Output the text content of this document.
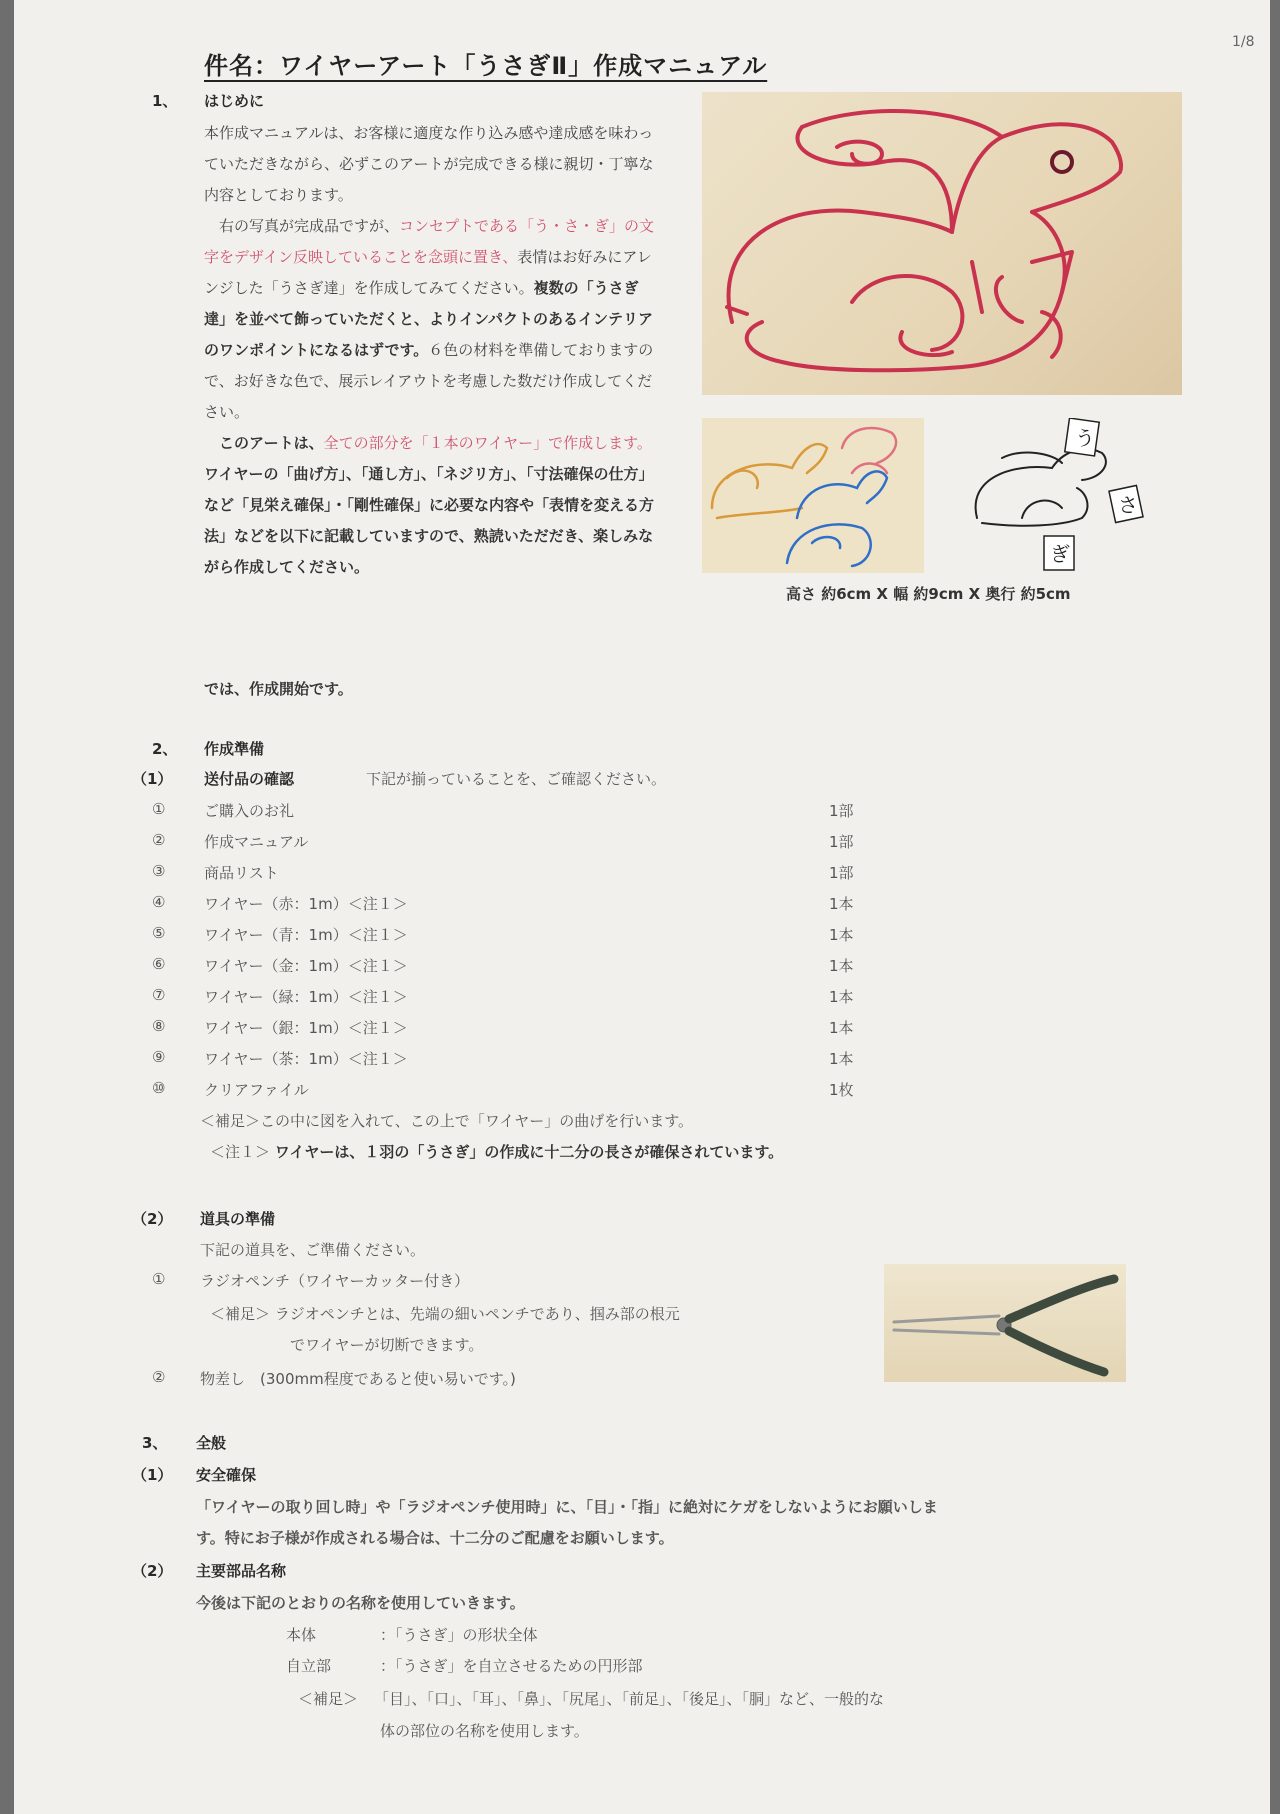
1/8
件名：ワイヤーアート「うさぎⅡ」作成マニュアル
1、 はじめに

本作成マニュアルは、お客様に適度な作り込み感や達成感を味わっていただきながら、必ずこのアートが完成できる様に親切・丁寧な内容としております。

　右の写真が完成品ですが、コンセプトである「う・さ・ぎ」の文字をデザイン反映していることを念頭に置き、表情はお好みにアレンジした「うさぎ達」を作成してみてください。複数の「うさぎ達」を並べて飾っていただくと、よりインパクトのあるインテリアのワンポイントになるはずです。６色の材料を準備しておりますので、お好きな色で、展示レイアウトを考慮した数だけ作成してください。

　このアートは、全ての部分を「１本のワイヤー」で作成します。ワイヤーの「曲げ方」、「通し方」、「ネジリ方」、「寸法確保の仕方」など「見栄え確保」・「剛性確保」に必要な内容や「表情を変える方法」などを以下に記載していますので、熟読いただだき、楽しみながら作成してください。

では、作成開始です。
う
さ
ぎ
高さ 約6cm X 幅 約9cm X 奥行 約5cm
2、 作成準備
（1） 送付品の確認	下記が揃っていることを、ご確認ください。
①	ご購入のお礼	1部
②	作成マニュアル	1部
③	商品リスト	1部
④	ワイヤー（赤：1m）＜注１＞	1本
⑤	ワイヤー（青：1m）＜注１＞	1本
⑥	ワイヤー（金：1m）＜注１＞	1本
⑦	ワイヤー（緑：1m）＜注１＞	1本
⑧	ワイヤー（銀：1m）＜注１＞	1本
⑨	ワイヤー（茶：1m）＜注１＞	1本
⑩	クリアファイル	1枚
＜補足＞この中に図を入れて、この上で「ワイヤー」の曲げを行います。
＜注１＞ ワイヤーは、１羽の「うさぎ」の作成に十二分の長さが確保されています。
（2） 道具の準備
下記の道具を、ご準備ください。
① ラジオペンチ（ワイヤーカッター付き）
＜補足＞ ラジオペンチとは、先端の細いペンチであり、掴み部の根元
でワイヤーが切断できます。
② 物差し　(300mm程度であると使い易いです。)
3、 全般
（1） 安全確保
「ワイヤーの取り回し時」や「ラジオペンチ使用時」に、「目」・「指」に絶対にケガをしないようにお願いしま
す。特にお子様が作成される場合は、十二分のご配慮をお願いします。
（2） 主要部品名称
今後は下記のとおりの名称を使用していきます。
本体	：「うさぎ」の形状全体
自立部	：「うさぎ」を自立させるための円形部
＜補足＞ 「目」、「口」、「耳」、「鼻」、「尻尾」、「前足」、「後足」、「胴」など、一般的な
体の部位の名称を使用します。
